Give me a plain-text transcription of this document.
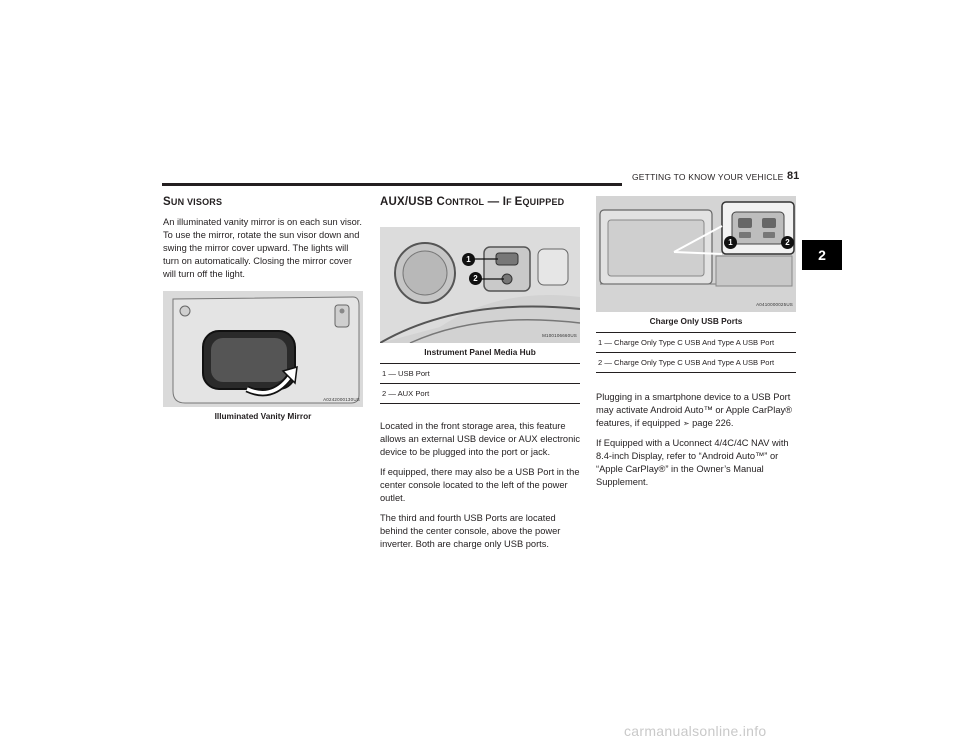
GETTING TO KNOW YOUR VEHICLE 81
2
SUN VISORS

An illuminated vanity mirror is on each sun visor. To use the mirror, rotate the sun visor down and swing the mirror cover upward. The lights will turn on automatically. Closing the mirror cover will turn off the light.

A0242000130US
Illuminated Vanity Mirror
AUX/USB CONTROL — IF EQUIPPED
1
2
M100106660US
Instrument Panel Media Hub
1 — USB Port
2 — AUX Port

Located in the front storage area, this feature allows an external USB device or AUX electronic device to be plugged into the port or jack.

If equipped, there may also be a USB Port in the center console located to the left of the power outlet.

The third and fourth USB Ports are located behind the center console, above the power inverter. Both are charge only USB ports.

1	2
A0410000025US
Charge Only USB Ports
1 — Charge Only Type C USB And Type A USB Port
2 — Charge Only Type C USB And Type A USB Port

Plugging in a smartphone device to a USB Port may activate Android Auto™ or Apple CarPlay® features, if equipped ➣ page 226.

If Equipped with a Uconnect 4/4C/4C NAV with 8.4-inch Display, refer to “Android Auto™” or “Apple CarPlay®” in the Owner’s Manual Supplement.

carmanualsonline.info
